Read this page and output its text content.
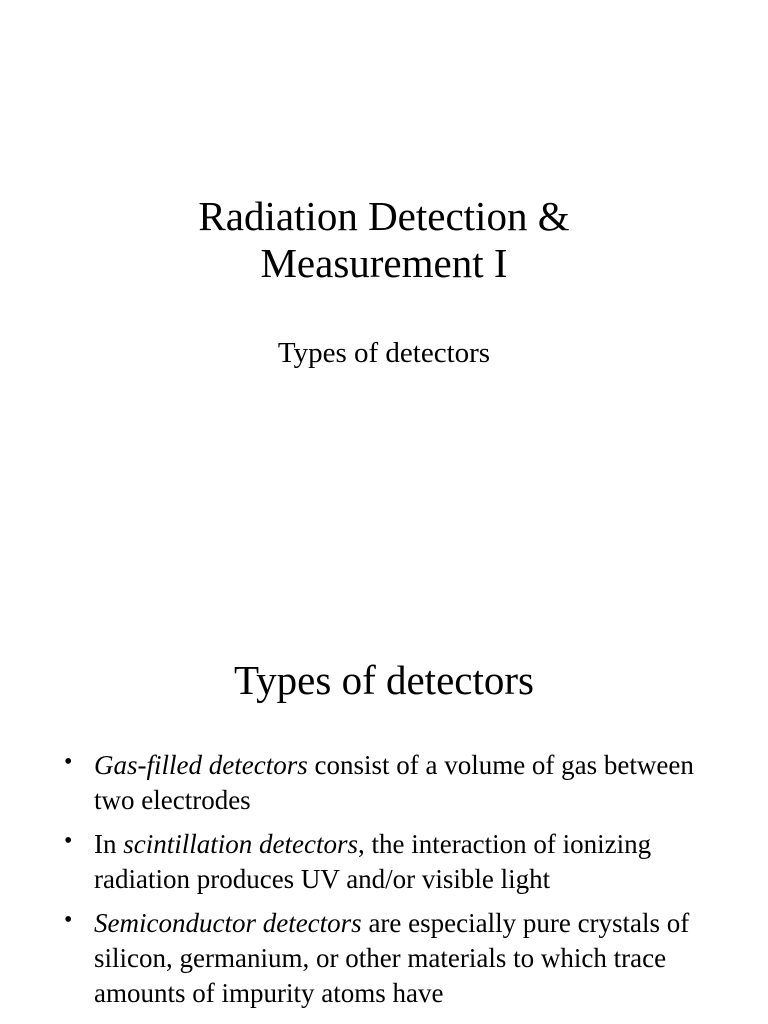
Radiation Detection &
Measurement I
Types of detectors
Types of detectors
• Gas-filled detectors consist of a volume of gas between two electrodes
• In scintillation detectors, the interaction of ionizing radiation produces UV and/or visible light
• Semiconductor detectors are especially pure crystals of silicon, germanium, or other materials to which trace amounts of impurity atoms have
